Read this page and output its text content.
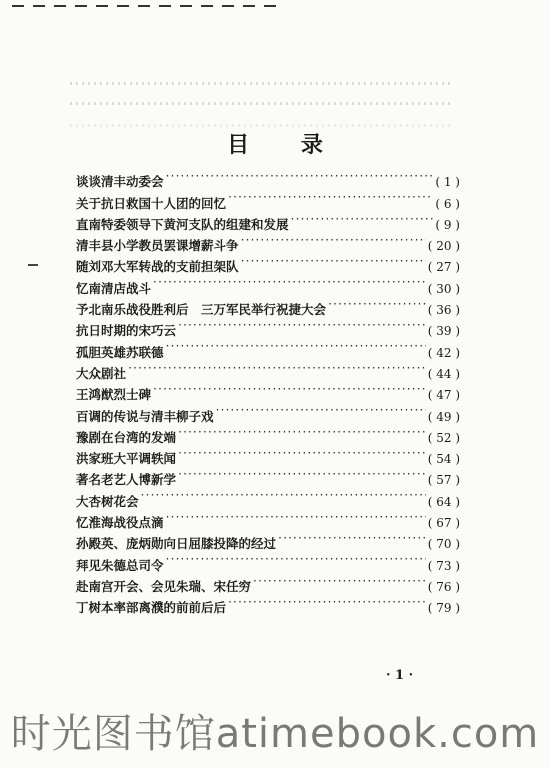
目 录
谈谈清丰动委会 ·····	( 1 )
关于抗日救国十人团的回忆 ·····	( 6 )
直南特委领导下黄河支队的组建和发展 ·····	( 9 )
清丰县小学教员罢课增薪斗争 ·····	( 20 )
随刘邓大军转战的支前担架队 ·····	( 27 )
忆南清店战斗 ·····	( 30 )
予北南乐战役胜利后　三万军民举行祝捷大会 ·····	( 36 )
抗日时期的宋巧云 ·····	( 39 )
孤胆英雄苏联德 ·····	( 42 )
大众剧社 ·····	( 44 )
王鸿猷烈士碑 ·····	( 47 )
百调的传说与清丰柳子戏 ·····	( 49 )
豫剧在台湾的发端 ·····	( 52 )
洪家班大平调轶闻 ·····	( 54 )
著名老艺人博新学 ·····	( 57 )
大杏树花会 ·····	( 64 )
忆淮海战役点滴 ·····	( 67 )
孙殿英、庞炳勋向日屈膝投降的经过 ·····	( 70 )
拜见朱德总司令 ·····	( 73 )
赴南宫开会、会见朱瑞、宋任穷 ·····	( 76 )
丁树本率部离濮的前前后后 ·····	( 79 )
· 1 ·
时光图书馆atimebook.com
